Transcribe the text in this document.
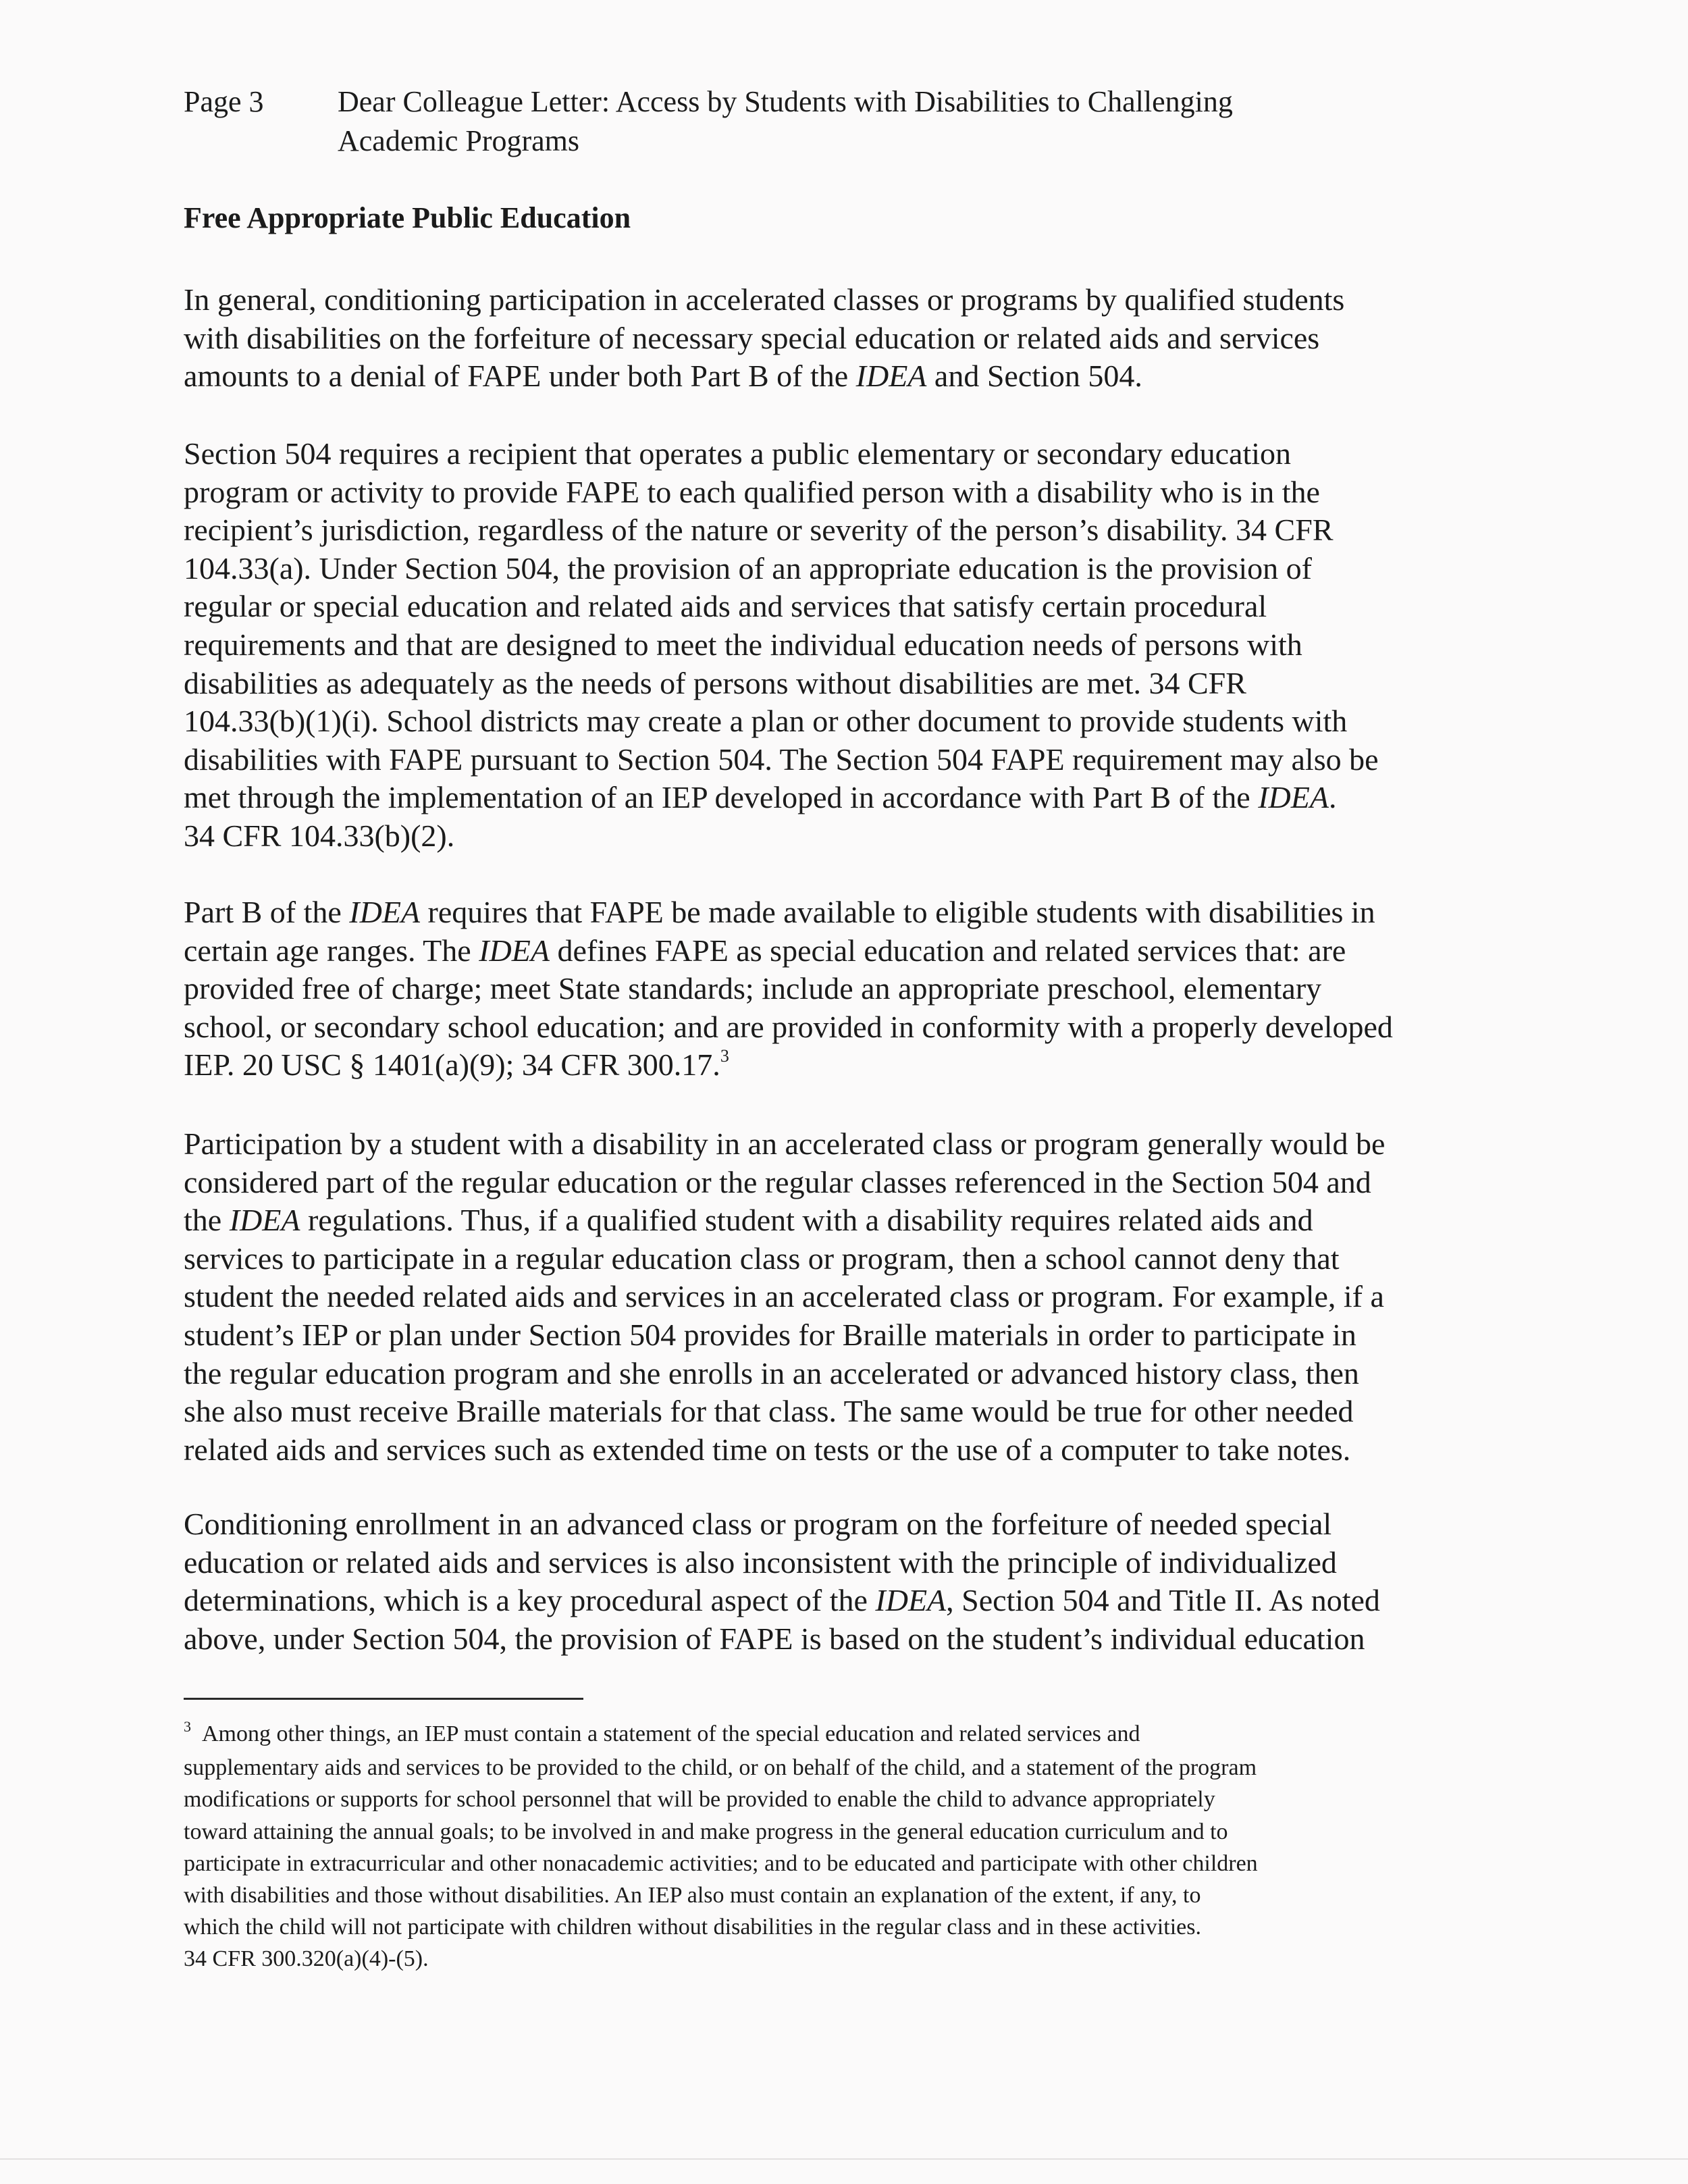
Page 3 Dear Colleague Letter: Access by Students with Disabilities to Challenging
Academic Programs
Free Appropriate Public Education

In general, conditioning participation in accelerated classes or programs by qualified students
with disabilities on the forfeiture of necessary special education or related aids and services
amounts to a denial of FAPE under both Part B of the IDEA and Section 504.

Section 504 requires a recipient that operates a public elementary or secondary education
program or activity to provide FAPE to each qualified person with a disability who is in the
recipient’s jurisdiction, regardless of the nature or severity of the person’s disability. 34 CFR
104.33(a). Under Section 504, the provision of an appropriate education is the provision of
regular or special education and related aids and services that satisfy certain procedural
requirements and that are designed to meet the individual education needs of persons with
disabilities as adequately as the needs of persons without disabilities are met. 34 CFR
104.33(b)(1)(i). School districts may create a plan or other document to provide students with
disabilities with FAPE pursuant to Section 504. The Section 504 FAPE requirement may also be
met through the implementation of an IEP developed in accordance with Part B of the IDEA.
34 CFR 104.33(b)(2).

Part B of the IDEA requires that FAPE be made available to eligible students with disabilities in
certain age ranges. The IDEA defines FAPE as special education and related services that: are
provided free of charge; meet State standards; include an appropriate preschool, elementary
school, or secondary school education; and are provided in conformity with a properly developed
IEP. 20 USC § 1401(a)(9); 34 CFR 300.17.$^3$

Participation by a student with a disability in an accelerated class or program generally would be
considered part of the regular education or the regular classes referenced in the Section 504 and
the IDEA regulations. Thus, if a qualified student with a disability requires related aids and
services to participate in a regular education class or program, then a school cannot deny that
student the needed related aids and services in an accelerated class or program. For example, if a
student’s IEP or plan under Section 504 provides for Braille materials in order to participate in
the regular education program and she enrolls in an accelerated or advanced history class, then
she also must receive Braille materials for that class. The same would be true for other needed
related aids and services such as extended time on tests or the use of a computer to take notes.

Conditioning enrollment in an advanced class or program on the forfeiture of needed special
education or related aids and services is also inconsistent with the principle of individualized
determinations, which is a key procedural aspect of the IDEA, Section 504 and Title II. As noted
above, under Section 504, the provision of FAPE is based on the student’s individual education

$^3$ Among other things, an IEP must contain a statement of the special education and related services and
supplementary aids and services to be provided to the child, or on behalf of the child, and a statement of the program
modifications or supports for school personnel that will be provided to enable the child to advance appropriately
toward attaining the annual goals; to be involved in and make progress in the general education curriculum and to
participate in extracurricular and other nonacademic activities; and to be educated and participate with other children
with disabilities and those without disabilities. An IEP also must contain an explanation of the extent, if any, to
which the child will not participate with children without disabilities in the regular class and in these activities.
34 CFR 300.320(a)(4)-(5).
